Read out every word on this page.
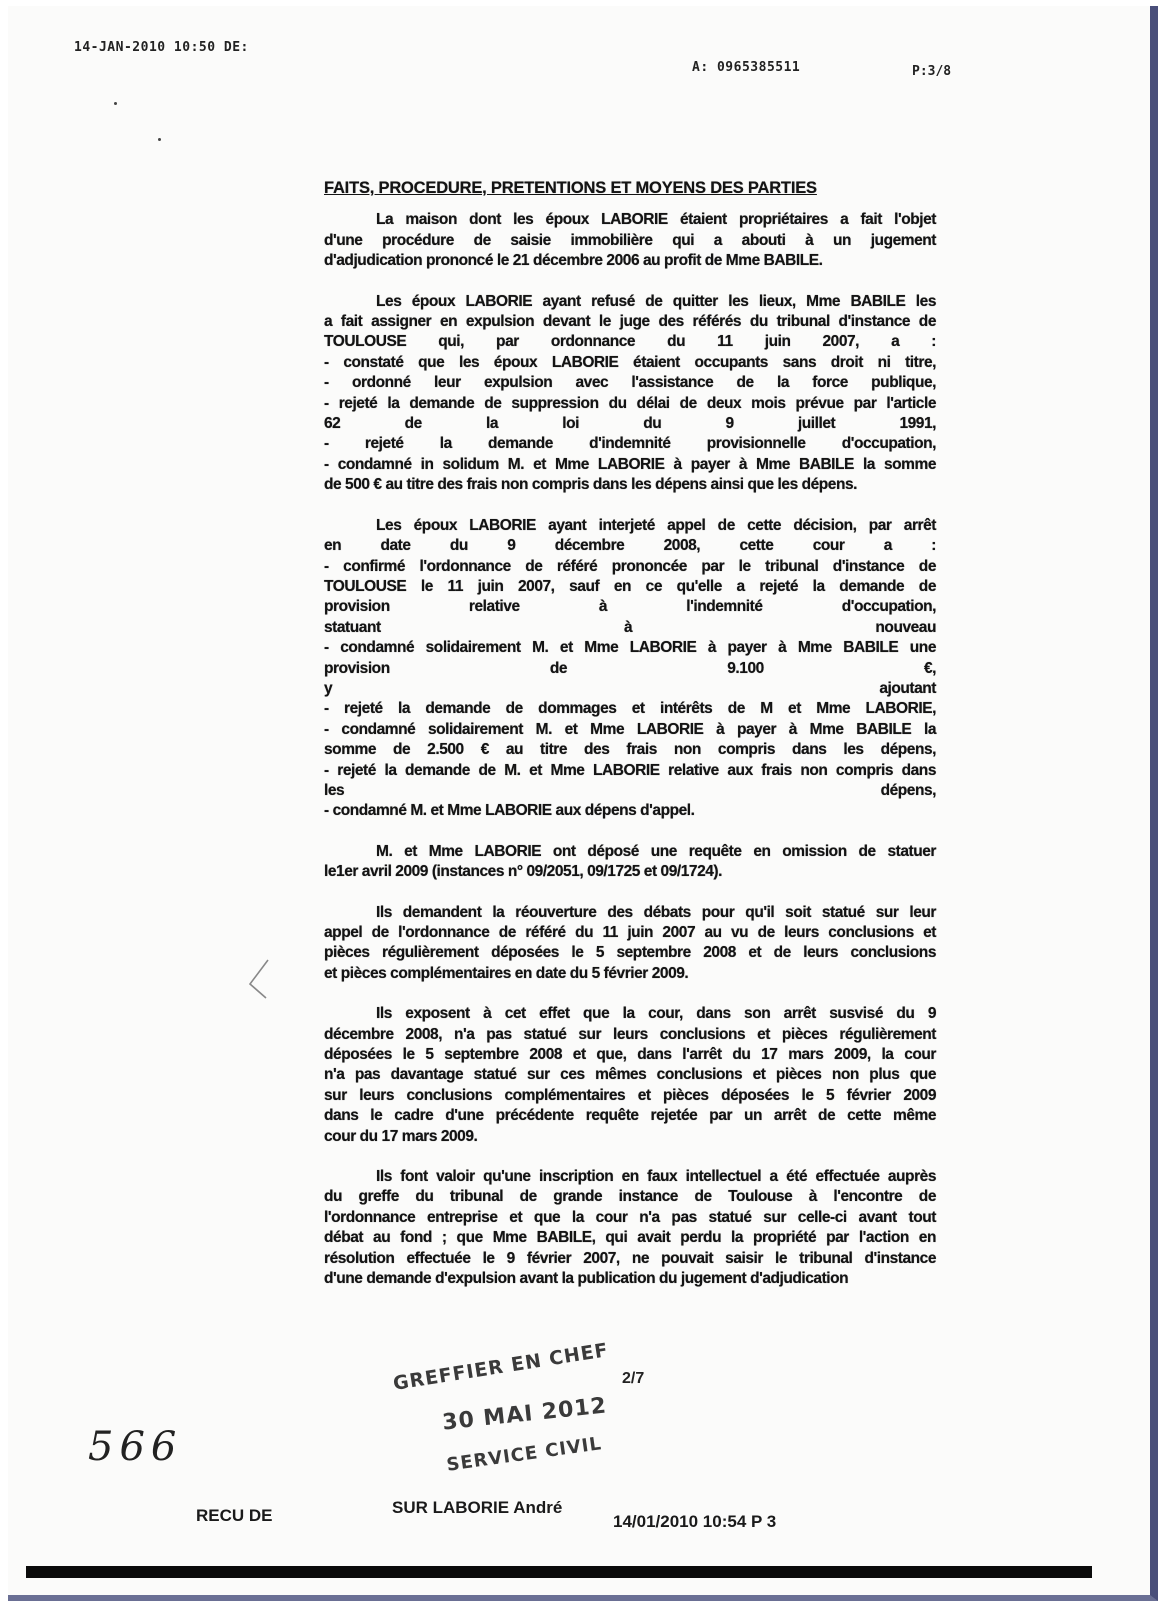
14-JAN-2010 10:50 DE:
A: 0965385511	P:3/8
FAITS, PROCEDURE, PRETENTIONS ET MOYENS DES PARTIES
La maison dont les époux LABORIE étaient propriétaires a fait l'objet
d'une procédure de saisie immobilière qui a abouti à un jugement
d'adjudication prononcé le 21 décembre 2006 au profit de Mme BABILE.
Les époux LABORIE ayant refusé de quitter les lieux, Mme BABILE les
a fait assigner en expulsion devant le juge des référés du tribunal d'instance de
TOULOUSE qui, par ordonnance du 11 juin 2007, a :
- constaté que les époux LABORIE étaient occupants sans droit ni titre,
- ordonné leur expulsion avec l'assistance de la force publique,
- rejeté la demande de suppression du délai de deux mois prévue par l'article
62 de la loi du 9 juillet 1991,
- rejeté la demande d'indemnité provisionnelle d'occupation,
- condamné in solidum M. et Mme LABORIE à payer à Mme BABILE la somme
de 500 € au titre des frais non compris dans les dépens ainsi que les dépens.
Les époux LABORIE ayant interjeté appel de cette décision, par arrêt
en date du 9 décembre 2008, cette cour a :
- confirmé l'ordonnance de référé prononcée par le tribunal d'instance de
TOULOUSE le 11 juin 2007, sauf en ce qu'elle a rejeté la demande de
provision relative à l'indemnité d'occupation,
statuant à nouveau
- condamné solidairement M. et Mme LABORIE à payer à Mme BABILE une
provision de 9.100 €,
y ajoutant
- rejeté la demande de dommages et intérêts de M et Mme LABORIE,
- condamné solidairement M. et Mme LABORIE à payer à Mme BABILE la
somme de 2.500 € au titre des frais non compris dans les dépens,
- rejeté la demande de M. et Mme LABORIE relative aux frais non compris dans
les dépens,
- condamné M. et Mme LABORIE aux dépens d'appel.
M. et Mme LABORIE ont déposé une requête en omission de statuer
le1er avril 2009 (instances n° 09/2051, 09/1725 et 09/1724).
Ils demandent la réouverture des débats pour qu'il soit statué sur leur
appel de l'ordonnance de référé du 11 juin 2007 au vu de leurs conclusions et
pièces régulièrement déposées le 5 septembre 2008 et de leurs conclusions
et pièces complémentaires en date du 5 février 2009.
Ils exposent à cet effet que la cour, dans son arrêt susvisé du 9
décembre 2008, n'a pas statué sur leurs conclusions et pièces régulièrement
déposées le 5 septembre 2008 et que, dans l'arrêt du 17 mars 2009, la cour
n'a pas davantage statué sur ces mêmes conclusions et pièces non plus que
sur leurs conclusions complémentaires et pièces déposées le 5 février 2009
dans le cadre d'une précédente requête rejetée par un arrêt de cette même
cour du 17 mars 2009.
Ils font valoir qu'une inscription en faux intellectuel a été effectuée auprès
du greffe du tribunal de grande instance de Toulouse à l'encontre de
l'ordonnance entreprise et que la cour n'a pas statué sur celle-ci avant tout
débat au fond ; que Mme BABILE, qui avait perdu la propriété par l'action en
résolution effectuée le 9 février 2007, ne pouvait saisir le tribunal d'instance
d'une demande d'expulsion avant la publication du jugement d'adjudication
GREFFIER EN CHEF
30 MAI 2012
SERVICE CIVIL
2/7
566
RECU DE	SUR LABORIE André
14/01/2010 10:54 P 3
